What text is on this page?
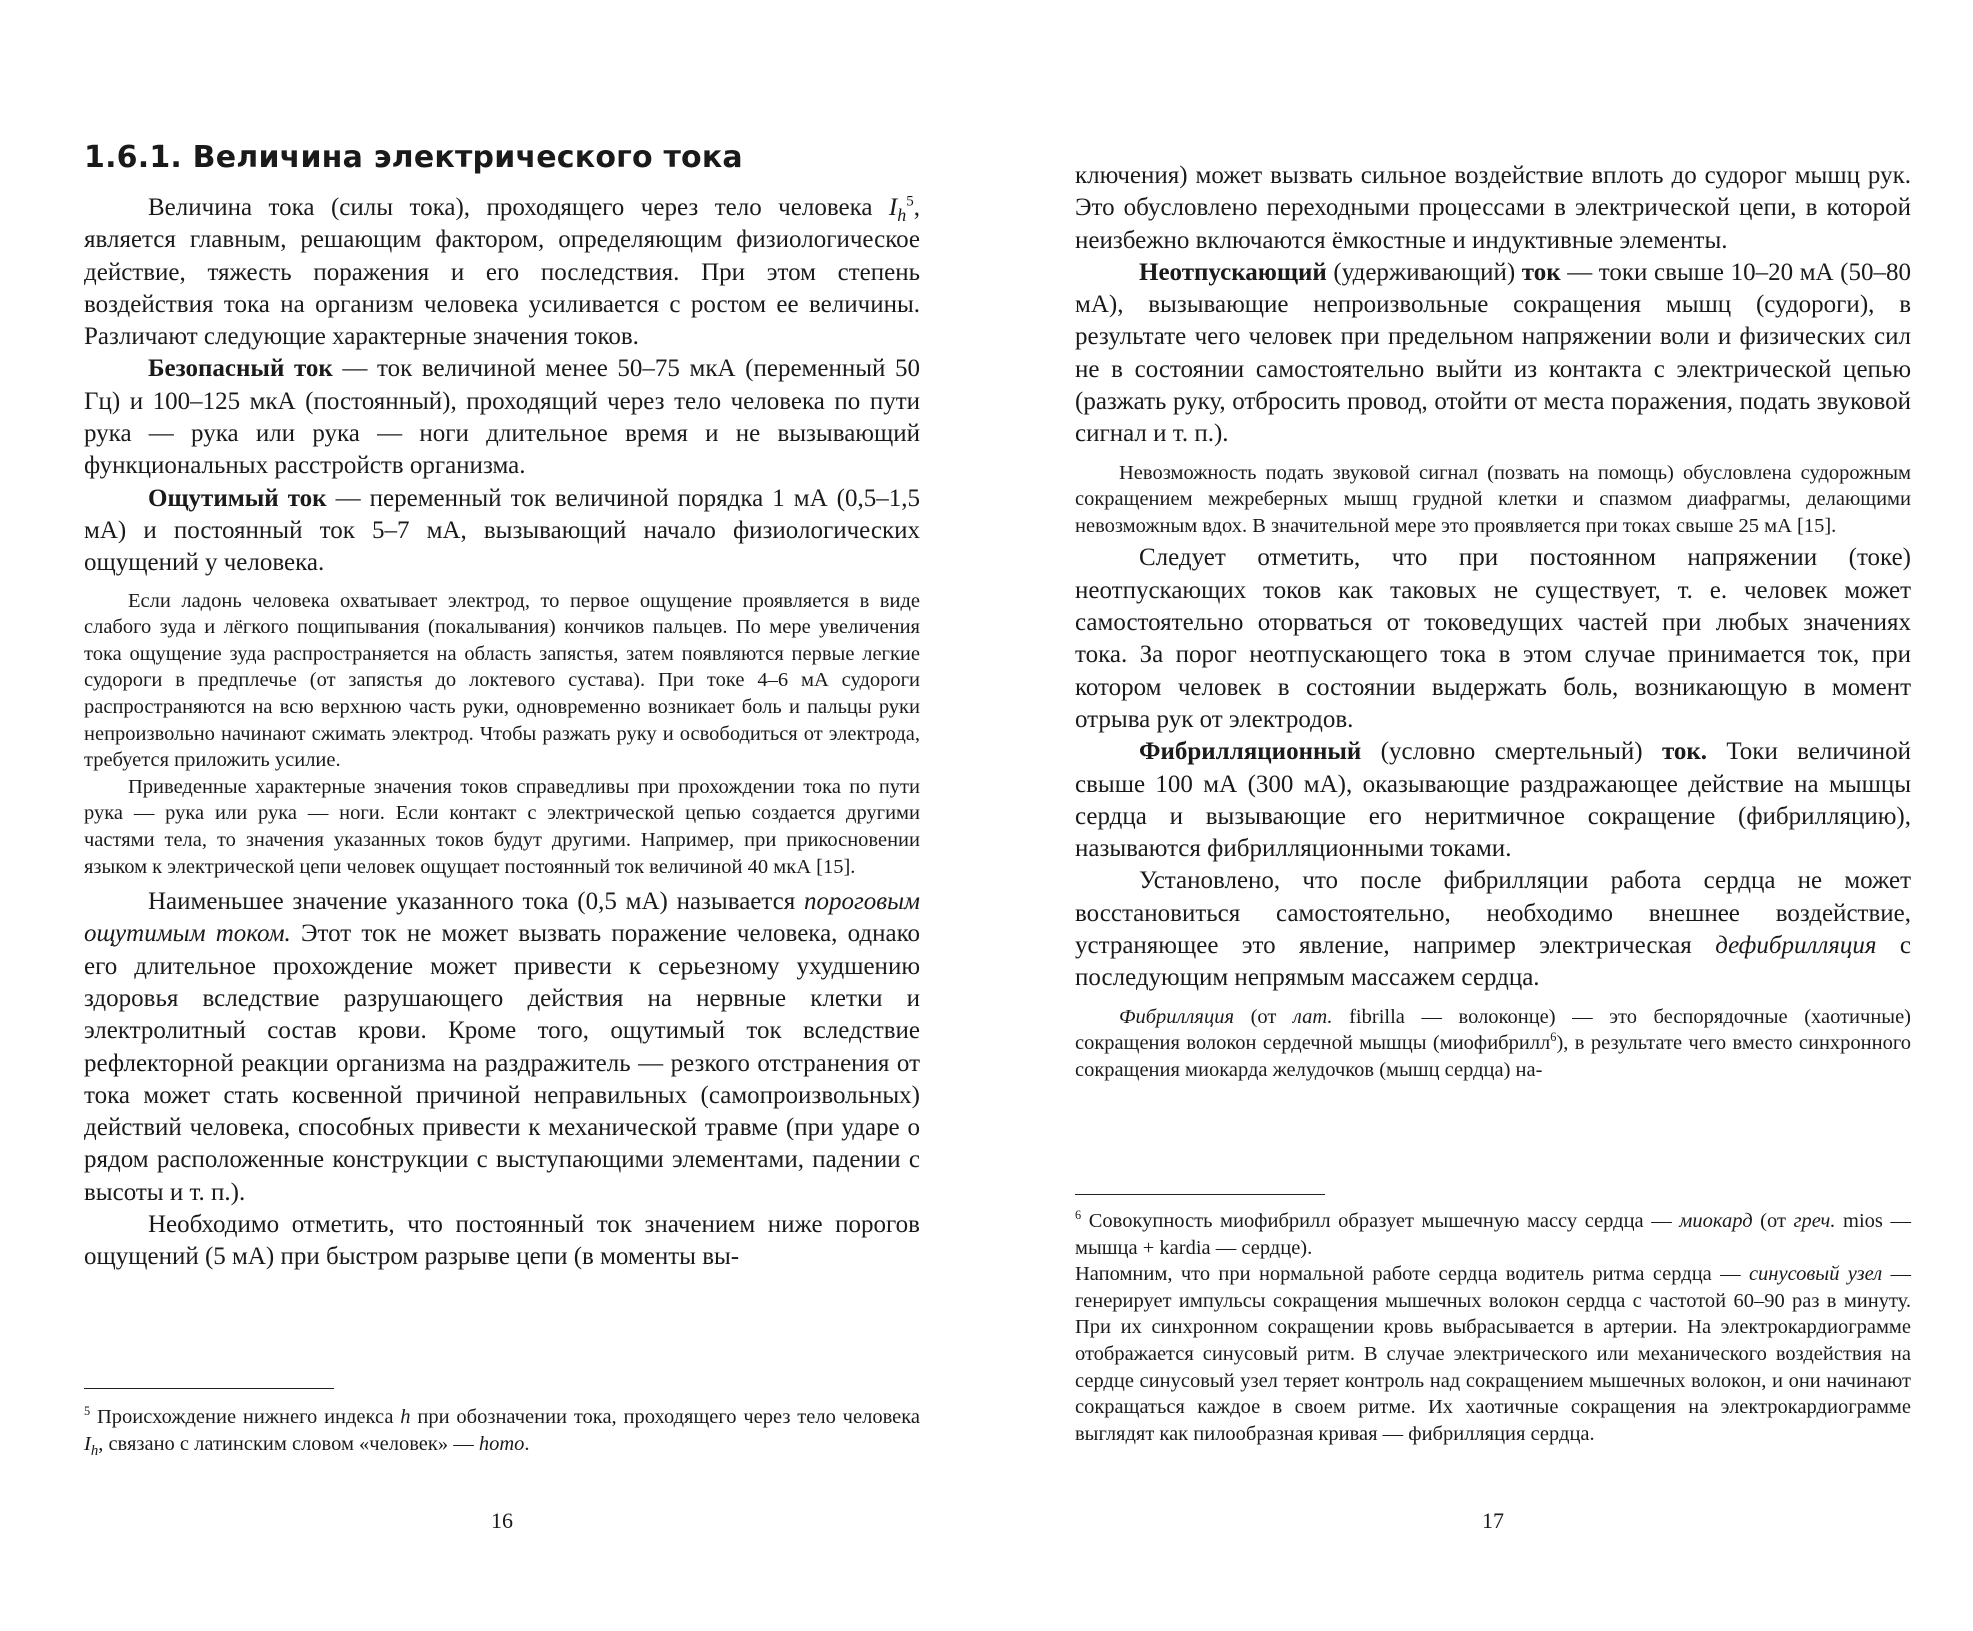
1.6.1. Величина электрического тока

Величина тока (силы тока), проходящего через тело человека $I_h^5$, является главным, решающим фактором, определяющим физиологическое действие, тяжесть поражения и его последствия. При этом степень воздействия тока на организм человека усиливается с ростом ее величины. Различают следующие характерные значения токов.

Безопасный ток — ток величиной менее 50–75 мкА (переменный 50 Гц) и 100–125 мкА (постоянный), проходящий через тело человека по пути рука — рука или рука — ноги длительное время и не вызывающий функциональных расстройств организма.

Ощутимый ток — переменный ток величиной порядка 1 мА (0,5–1,5 мА) и постоянный ток 5–7 мА, вызывающий начало физиологических ощущений у человека.

Если ладонь человека охватывает электрод, то первое ощущение проявляется в виде слабого зуда и лёгкого пощипывания (покалывания) кончиков пальцев. По мере увеличения тока ощущение зуда распространяется на область запястья, затем появляются первые легкие судороги в предплечье (от запястья до локтевого сустава). При токе 4–6 мА судороги распространяются на всю верхнюю часть руки, одновременно возникает боль и пальцы руки непроизвольно начинают сжимать электрод. Чтобы разжать руку и освободиться от электрода, требуется приложить усилие.

Приведенные характерные значения токов справедливы при прохождении тока по пути рука — рука или рука — ноги. Если контакт с электрической цепью создается другими частями тела, то значения указанных токов будут другими. Например, при прикосновении языком к электрической цепи человек ощущает постоянный ток величиной 40 мкА [15].

Наименьшее значение указанного тока (0,5 мА) называется пороговым ощутимым током. Этот ток не может вызвать поражение человека, однако его длительное прохождение может привести к серьезному ухудшению здоровья вследствие разрушающего действия на нервные клетки и электролитный состав крови. Кроме того, ощутимый ток вследствие рефлекторной реакции организма на раздражитель — резкого отстранения от тока может стать косвенной причиной неправильных (самопроизвольных) действий человека, способных привести к механической травме (при ударе о рядом расположенные конструкции с выступающими элементами, падении с высоты и т. п.).

Необходимо отметить, что постоянный ток значением ниже порогов ощущений (5 мА) при быстром разрыве цепи (в моменты вы-

$^5$ Происхождение нижнего индекса h при обозначении тока, проходящего через тело человека $I_h$, связано с латинским словом «человек» — homo.

16

ключения) может вызвать сильное воздействие вплоть до судорог мышц рук. Это обусловлено переходными процессами в электрической цепи, в которой неизбежно включаются ёмкостные и индуктивные элементы.

Неотпускающий (удерживающий) ток — токи свыше 10–20 мА (50–80 мА), вызывающие непроизвольные сокращения мышц (судороги), в результате чего человек при предельном напряжении воли и физических сил не в состоянии самостоятельно выйти из контакта с электрической цепью (разжать руку, отбросить провод, отойти от места поражения, подать звуковой сигнал и т. п.).

Невозможность подать звуковой сигнал (позвать на помощь) обусловлена судорожным сокращением межреберных мышц грудной клетки и спазмом диафрагмы, делающими невозможным вдох. В значительной мере это проявляется при токах свыше 25 мА [15].

Следует отметить, что при постоянном напряжении (токе) неотпускающих токов как таковых не существует, т. е. человек может самостоятельно оторваться от токоведущих частей при любых значениях тока. За порог неотпускающего тока в этом случае принимается ток, при котором человек в состоянии выдержать боль, возникающую в момент отрыва рук от электродов.

Фибрилляционный (условно смертельный) ток. Токи величиной свыше 100 мА (300 мА), оказывающие раздражающее действие на мышцы сердца и вызывающие его неритмичное сокращение (фибрилляцию), называются фибрилляционными токами.

Установлено, что после фибрилляции работа сердца не может восстановиться самостоятельно, необходимо внешнее воздействие, устраняющее это явление, например электрическая дефибрилляция с последующим непрямым массажем сердца.

Фибрилляция (от лат. fibrilla — волоконце) — это беспорядочные (хаотичные) сокращения волокон сердечной мышцы (миофибрилл$^6$), в результате чего вместо синхронного сокращения миокарда желудочков (мышц сердца) на-

$^6$ Совокупность миофибрилл образует мышечную массу сердца — миокард (от греч. mios — мышца + kardia — сердце).

Напомним, что при нормальной работе сердца водитель ритма сердца — синусовый узел — генерирует импульсы сокращения мышечных волокон сердца с частотой 60–90 раз в минуту. При их синхронном сокращении кровь выбрасывается в артерии. На электрокардиограмме отображается синусовый ритм. В случае электрического или механического воздействия на сердце синусовый узел теряет контроль над сокращением мышечных волокон, и они начинают сокращаться каждое в своем ритме. Их хаотичные сокращения на электрокардиограмме выглядят как пилообразная кривая — фибрилляция сердца.

17
